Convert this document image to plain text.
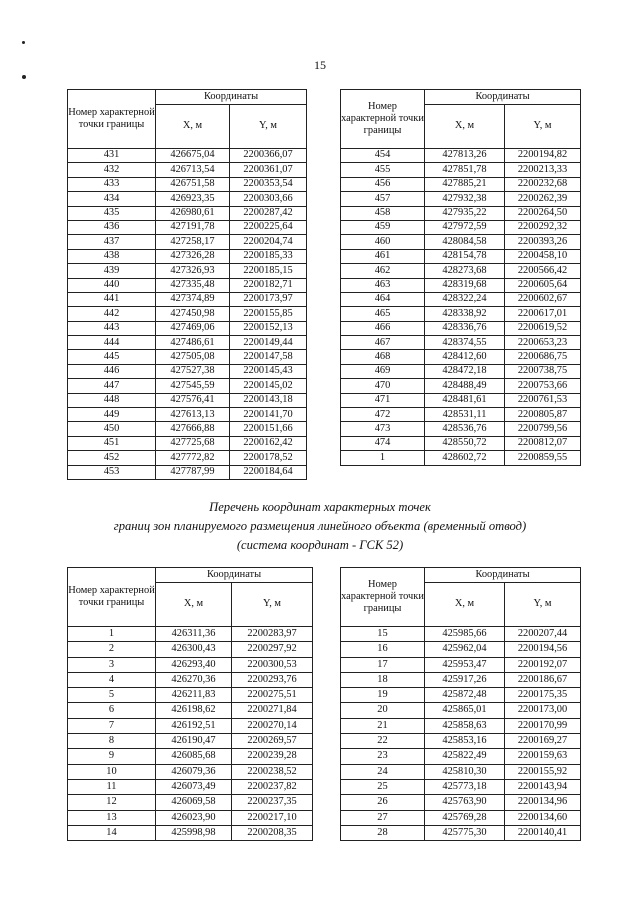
15
Номер характерной точки границы	Координаты	
	X, м	Y, м
431	426675,04	2200366,07
432	426713,54	2200361,07
433	426751,58	2200353,54
434	426923,35	2200303,66
435	426980,61	2200287,42
436	427191,78	2200225,64
437	427258,17	2200204,74
438	427326,28	2200185,33
439	427326,93	2200185,15
440	427335,48	2200182,71
441	427374,89	2200173,97
442	427450,98	2200155,85
443	427469,06	2200152,13
444	427486,61	2200149,44
445	427505,08	2200147,58
446	427527,38	2200145,43
447	427545,59	2200145,02
448	427576,41	2200143,18
449	427613,13	2200141,70
450	427666,88	2200151,66
451	427725,68	2200162,42
452	427772,82	2200178,52
453	427787,99	2200184,64
Номер характерной точки границы	Координаты	
	X, м	Y, м
454	427813,26	2200194,82
455	427851,78	2200213,33
456	427885,21	2200232,68
457	427932,38	2200262,39
458	427935,22	2200264,50
459	427972,59	2200292,32
460	428084,58	2200393,26
461	428154,78	2200458,10
462	428273,68	2200566,42
463	428319,68	2200605,64
464	428322,24	2200602,67
465	428338,92	2200617,01
466	428336,76	2200619,52
467	428374,55	2200653,23
468	428412,60	2200686,75
469	428472,18	2200738,75
470	428488,49	2200753,66
471	428481,61	2200761,53
472	428531,11	2200805,87
473	428536,76	2200799,56
474	428550,72	2200812,07
1	428602,72	2200859,55
Перечень координат характерных точек
границ зон планируемого размещения линейного объекта (временный отвод)
(система координат - ГСК 52)
Номер характерной точки границы	Координаты	
	X, м	Y, м
1	426311,36	2200283,97
2	426300,43	2200297,92
3	426293,40	2200300,53
4	426270,36	2200293,76
5	426211,83	2200275,51
6	426198,62	2200271,84
7	426192,51	2200270,14
8	426190,47	2200269,57
9	426085,68	2200239,28
10	426079,36	2200238,52
11	426073,49	2200237,82
12	426069,58	2200237,35
13	426023,90	2200217,10
14	425998,98	2200208,35
Номер характерной точки границы	Координаты	
	X, м	Y, м
15	425985,66	2200207,44
16	425962,04	2200194,56
17	425953,47	2200192,07
18	425917,26	2200186,67
19	425872,48	2200175,35
20	425865,01	2200173,00
21	425858,63	2200170,99
22	425853,16	2200169,27
23	425822,49	2200159,63
24	425810,30	2200155,92
25	425773,18	2200143,94
26	425763,90	2200134,96
27	425769,28	2200134,60
28	425775,30	2200140,41
